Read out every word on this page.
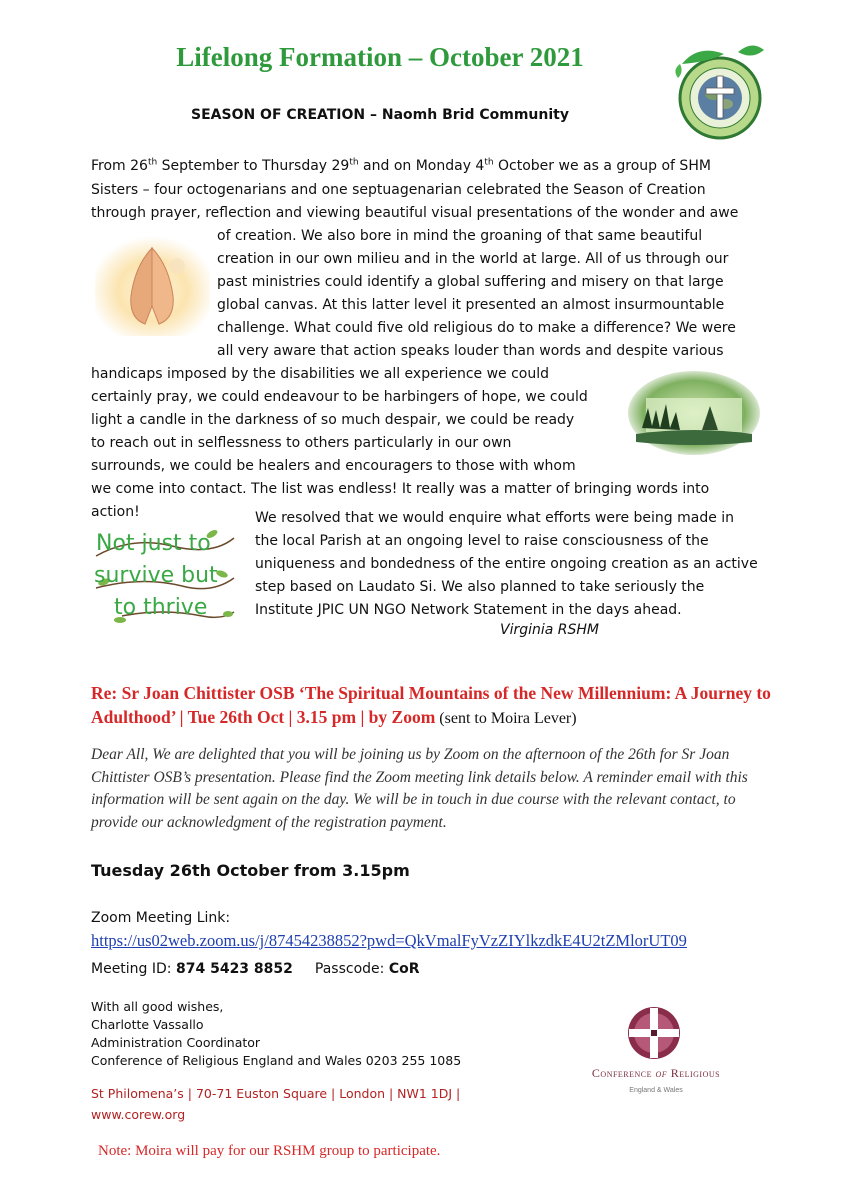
Lifelong Formation – October 2021
SEASON OF CREATION – Naomh Brid Community
From 26th September to Thursday 29th and on Monday 4th October we as a group of SHM
Sisters – four octogenarians and one septuagenarian celebrated the Season of Creation
through prayer, reflection and viewing beautiful visual presentations of the wonder and awe
of creation. We also bore in mind the groaning of that same beautiful
creation in our own milieu and in the world at large. All of us through our
past ministries could identify a global suffering and misery on that large
global canvas. At this latter level it presented an almost insurmountable
challenge. What could five old religious do to make a difference? We were
all very aware that action speaks louder than words and despite various
handicaps imposed by the disabilities we all experience we could
certainly pray, we could endeavour to be harbingers of hope, we could
light a candle in the darkness of so much despair, we could be ready
to reach out in selflessness to others particularly in our own
surrounds, we could be healers and encouragers to those with whom
we come into contact. The list was endless! It really was a matter of bringing words into
action!
Not just to
survive but
to thrive
We resolved that we would enquire what efforts were being made in
the local Parish at an ongoing level to raise consciousness of the
uniqueness and bondedness of the entire ongoing creation as an active
step based on Laudato Si. We also planned to take seriously the
Institute JPIC UN NGO Network Statement in the days ahead.
Virginia RSHM
Re: Sr Joan Chittister OSB ‘The Spiritual Mountains of the New Millennium: A Journey to Adulthood’ | Tue 26th Oct | 3.15 pm | by Zoom (sent to Moira Lever)
Dear All, We are delighted that you will be joining us by Zoom on the afternoon of the 26th for Sr Joan Chittister OSB’s presentation. Please find the Zoom meeting link details below. A reminder email with this information will be sent again on the day. We will be in touch in due course with the relevant contact, to provide our acknowledgment of the registration payment.
Tuesday 26th October from 3.15pm
Zoom Meeting Link:
https://us02web.zoom.us/j/87454238852?pwd=QkVmalFyVzZIYlkzdkE4U2tZMlorUT09
Meeting ID: 874 5423 8852 Passcode: CoR
With all good wishes,
Charlotte Vassallo
Administration Coordinator
Conference of Religious England and Wales 0203 255 1085
St Philomena’s | 70-71 Euston Square | London | NW1 1DJ |
www.corew.org
Conference of Religious
England & Wales
Note: Moira will pay for our RSHM group to participate.
